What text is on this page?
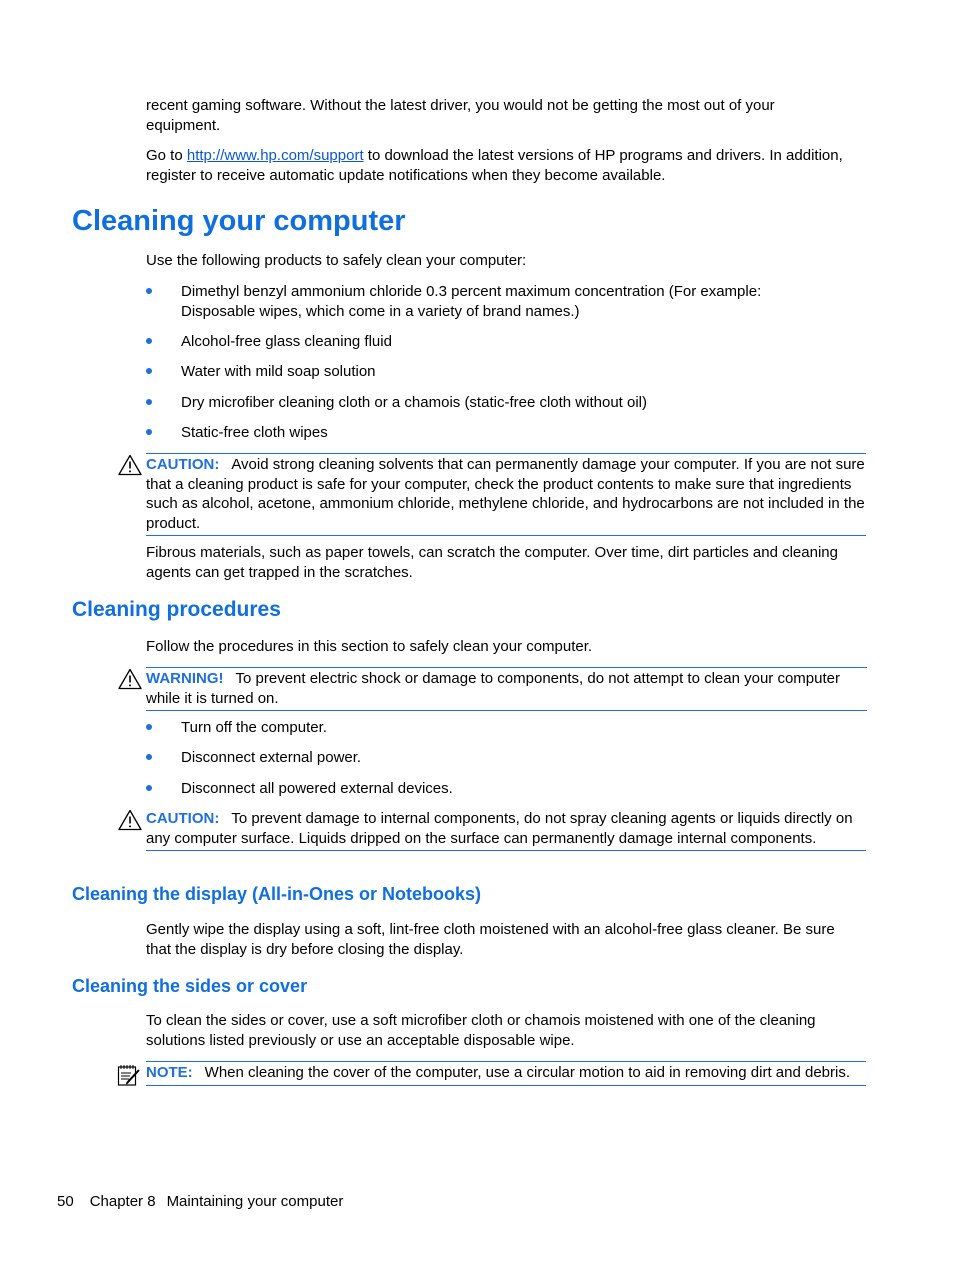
recent gaming software. Without the latest driver, you would not be getting the most out of your equipment.
Go to http://www.hp.com/support to download the latest versions of HP programs and drivers. In addition, register to receive automatic update notifications when they become available.
Cleaning your computer
Use the following products to safely clean your computer:
Dimethyl benzyl ammonium chloride 0.3 percent maximum concentration (For example: Disposable wipes, which come in a variety of brand names.)
Alcohol-free glass cleaning fluid
Water with mild soap solution
Dry microfiber cleaning cloth or a chamois (static-free cloth without oil)
Static-free cloth wipes
CAUTION: Avoid strong cleaning solvents that can permanently damage your computer. If you are not sure that a cleaning product is safe for your computer, check the product contents to make sure that ingredients such as alcohol, acetone, ammonium chloride, methylene chloride, and hydrocarbons are not included in the product.
Fibrous materials, such as paper towels, can scratch the computer. Over time, dirt particles and cleaning agents can get trapped in the scratches.
Cleaning procedures
Follow the procedures in this section to safely clean your computer.
WARNING! To prevent electric shock or damage to components, do not attempt to clean your computer while it is turned on.
Turn off the computer.
Disconnect external power.
Disconnect all powered external devices.
CAUTION: To prevent damage to internal components, do not spray cleaning agents or liquids directly on any computer surface. Liquids dripped on the surface can permanently damage internal components.
Cleaning the display (All-in-Ones or Notebooks)
Gently wipe the display using a soft, lint-free cloth moistened with an alcohol-free glass cleaner. Be sure that the display is dry before closing the display.
Cleaning the sides or cover
To clean the sides or cover, use a soft microfiber cloth or chamois moistened with one of the cleaning solutions listed previously or use an acceptable disposable wipe.
NOTE: When cleaning the cover of the computer, use a circular motion to aid in removing dirt and debris.
50 Chapter 8 Maintaining your computer
